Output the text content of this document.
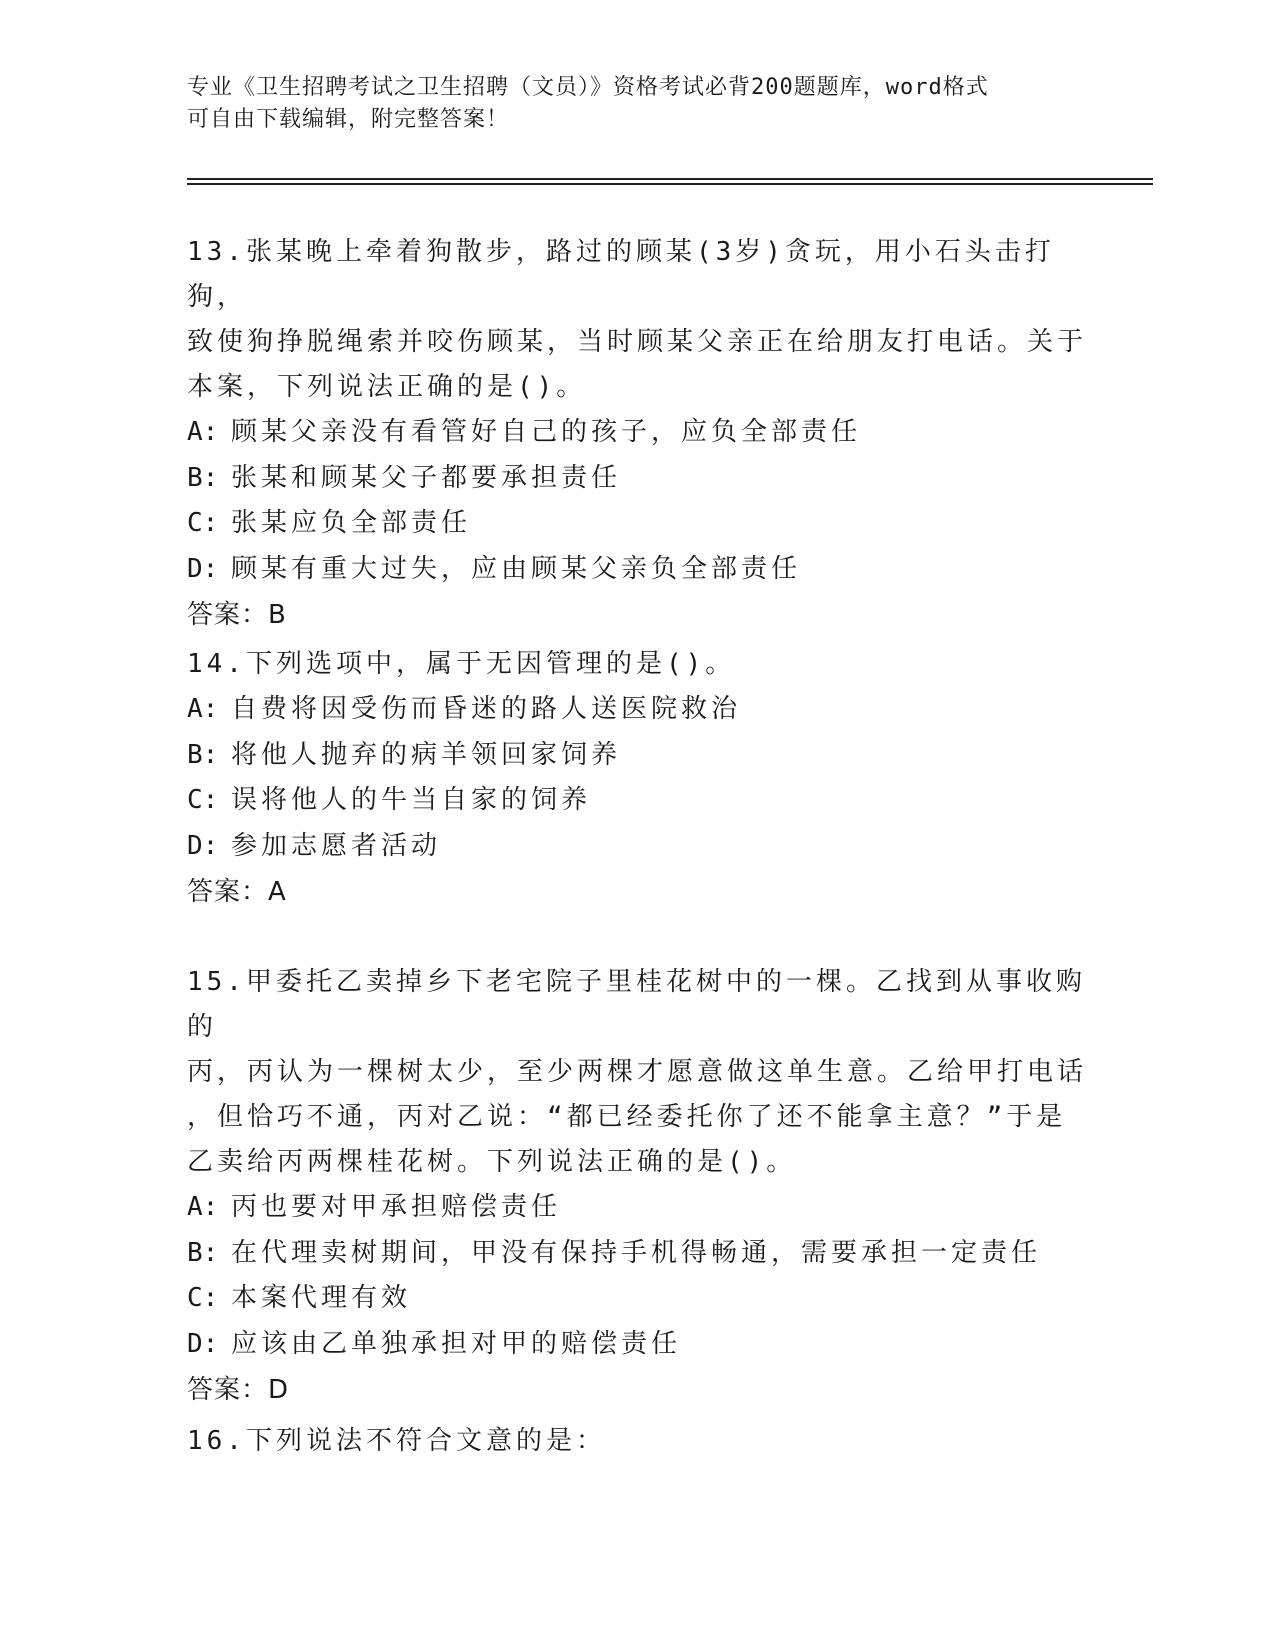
专业《卫生招聘考试之卫生招聘（文员）》资格考试必背200题题库，word格式
可自由下载编辑，附完整答案！

13.张某晚上牵着狗散步，路过的顾某(3岁)贪玩，用小石头击打狗，

致使狗挣脱绳索并咬伤顾某，当时顾某父亲正在给朋友打电话。关于

本案，下列说法正确的是()。

A: 顾某父亲没有看管好自己的孩子，应负全部责任

B: 张某和顾某父子都要承担责任

C: 张某应负全部责任

D: 顾某有重大过失，应由顾某父亲负全部责任

答案：B

14.下列选项中，属于无因管理的是()。

A: 自费将因受伤而昏迷的路人送医院救治

B: 将他人抛弃的病羊领回家饲养

C: 误将他人的牛当自家的饲养

D: 参加志愿者活动

答案：A

15.甲委托乙卖掉乡下老宅院子里桂花树中的一棵。乙找到从事收购的

丙，丙认为一棵树太少，至少两棵才愿意做这单生意。乙给甲打电话

，但恰巧不通，丙对乙说：“都已经委托你了还不能拿主意？”于是

乙卖给丙两棵桂花树。下列说法正确的是()。

A: 丙也要对甲承担赔偿责任

B: 在代理卖树期间，甲没有保持手机得畅通，需要承担一定责任

C: 本案代理有效

D: 应该由乙单独承担对甲的赔偿责任

答案：D

16.下列说法不符合文意的是：
